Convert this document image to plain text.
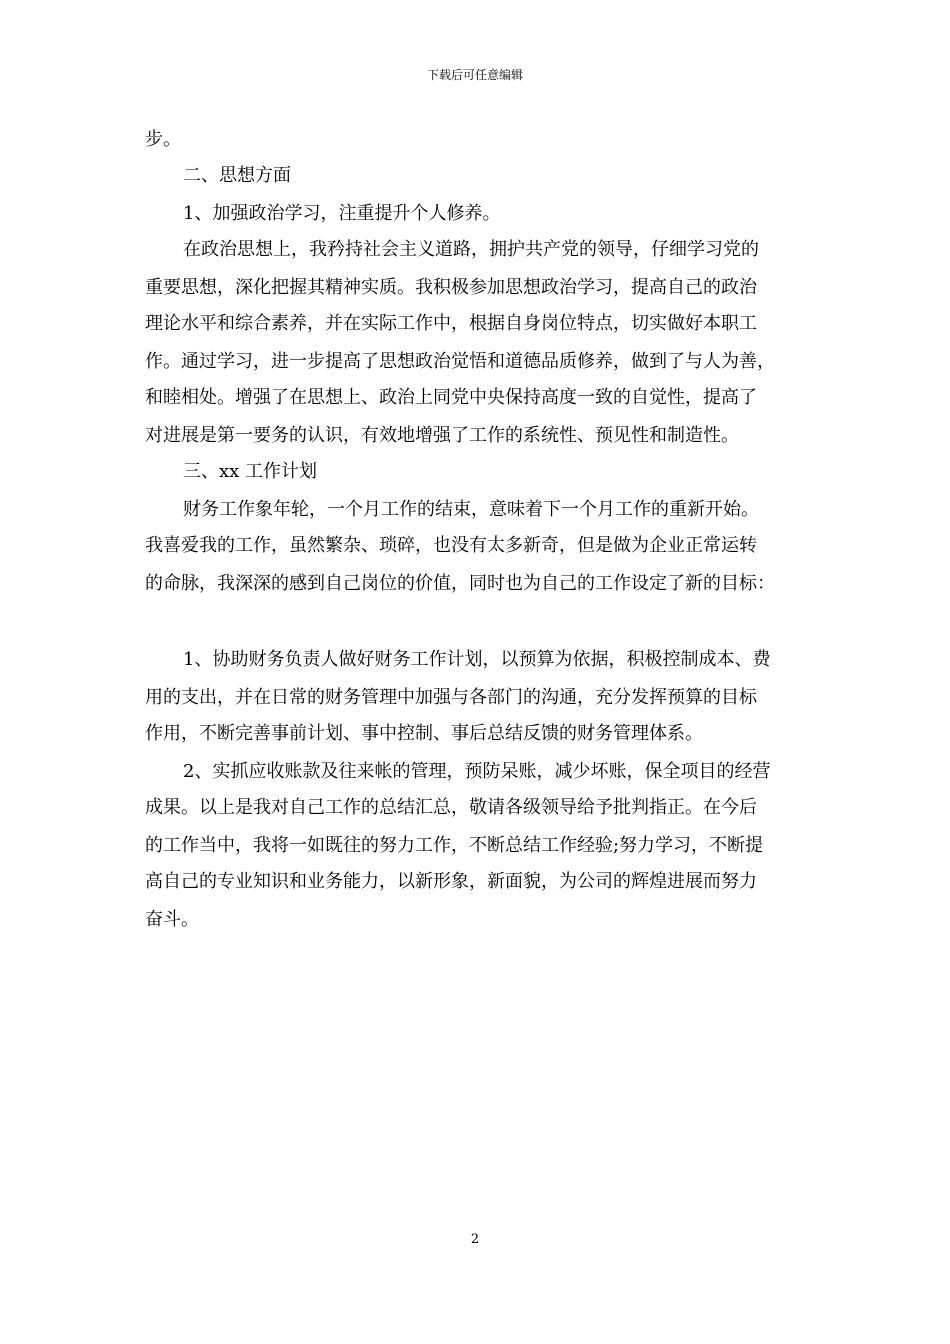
下载后可任意编辑
步。
二、思想方面
1、加强政治学习，注重提升个人修养。
在政治思想上，我矜持社会主义道路，拥护共产党的领导，仔细学习党的
重要思想，深化把握其精神实质。我积极参加思想政治学习，提高自己的政治
理论水平和综合素养，并在实际工作中，根据自身岗位特点，切实做好本职工
作。通过学习，进一步提高了思想政治觉悟和道德品质修养，做到了与人为善，
和睦相处。增强了在思想上、政治上同党中央保持高度一致的自觉性，提高了
对进展是第一要务的认识，有效地增强了工作的系统性、预见性和制造性。
三、xx 工作计划
财务工作象年轮，一个月工作的结束，意味着下一个月工作的重新开始。
我喜爱我的工作，虽然繁杂、琐碎，也没有太多新奇，但是做为企业正常运转
的命脉，我深深的感到自己岗位的价值，同时也为自己的工作设定了新的目标：
1、协助财务负责人做好财务工作计划，以预算为依据，积极控制成本、费
用的支出，并在日常的财务管理中加强与各部门的沟通，充分发挥预算的目标
作用，不断完善事前计划、事中控制、事后总结反馈的财务管理体系。
2、实抓应收账款及往来帐的管理，预防呆账，减少坏账，保全项目的经营
成果。以上是我对自己工作的总结汇总，敬请各级领导给予批判指正。在今后
的工作当中，我将一如既往的努力工作，不断总结工作经验;努力学习，不断提
高自己的专业知识和业务能力，以新形象，新面貌，为公司的辉煌进展而努力
奋斗。
2
